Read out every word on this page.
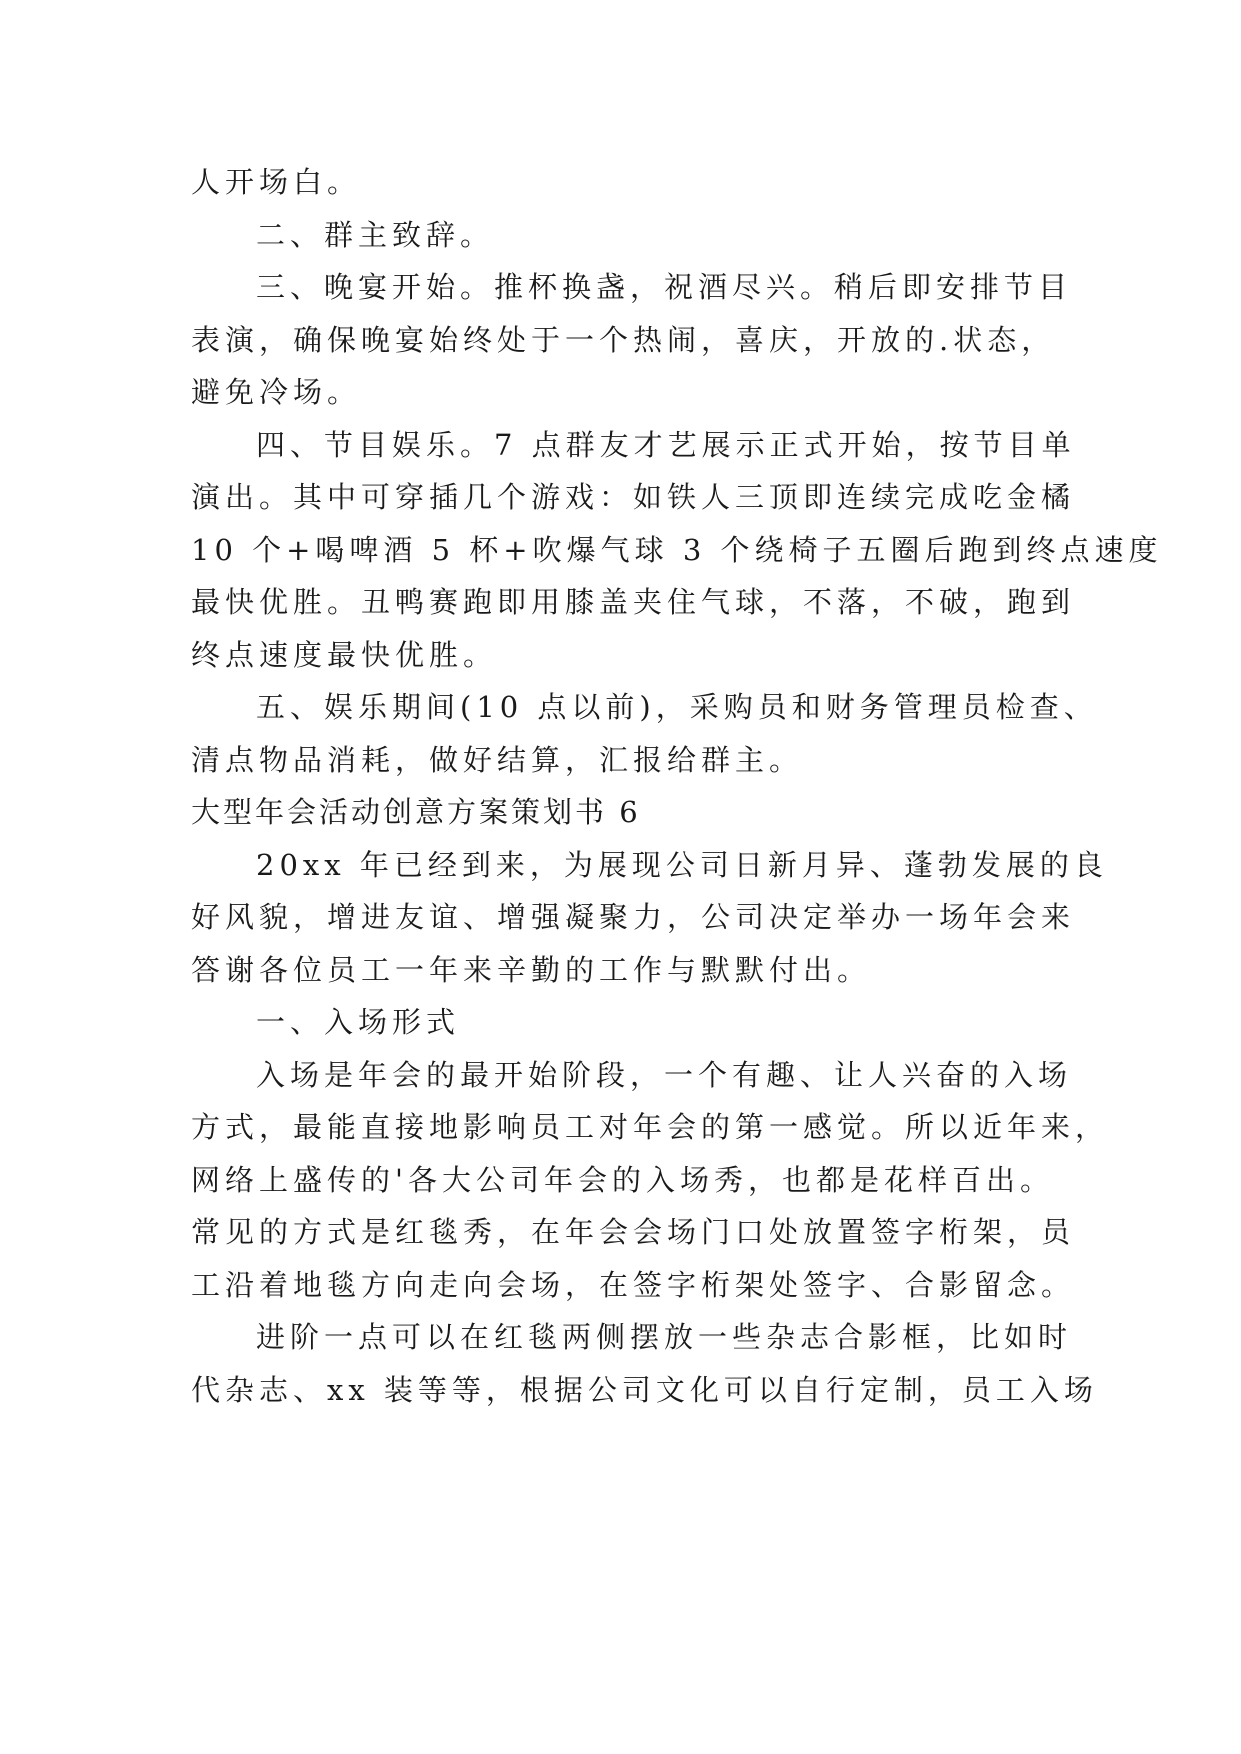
人开场白。
二、群主致辞。
三、晚宴开始。推杯换盏，祝酒尽兴。稍后即安排节目
表演，确保晚宴始终处于一个热闹，喜庆，开放的.状态，
避免冷场。
四、节目娱乐。7 点群友才艺展示正式开始，按节目单
演出。其中可穿插几个游戏：如铁人三顶即连续完成吃金橘
10 个+喝啤酒 5 杯+吹爆气球 3 个绕椅子五圈后跑到终点速度
最快优胜。丑鸭赛跑即用膝盖夹住气球，不落，不破，跑到
终点速度最快优胜。
五、娱乐期间(10 点以前)，采购员和财务管理员检查、
清点物品消耗，做好结算，汇报给群主。
大型年会活动创意方案策划书 6
20xx 年已经到来，为展现公司日新月异、蓬勃发展的良
好风貌，增进友谊、增强凝聚力，公司决定举办一场年会来
答谢各位员工一年来辛勤的工作与默默付出。
一、入场形式
入场是年会的最开始阶段，一个有趣、让人兴奋的入场
方式，最能直接地影响员工对年会的第一感觉。所以近年来，
网络上盛传的'各大公司年会的入场秀，也都是花样百出。
常见的方式是红毯秀，在年会会场门口处放置签字桁架，员
工沿着地毯方向走向会场，在签字桁架处签字、合影留念。
进阶一点可以在红毯两侧摆放一些杂志合影框，比如时
代杂志、xx 装等等，根据公司文化可以自行定制，员工入场
